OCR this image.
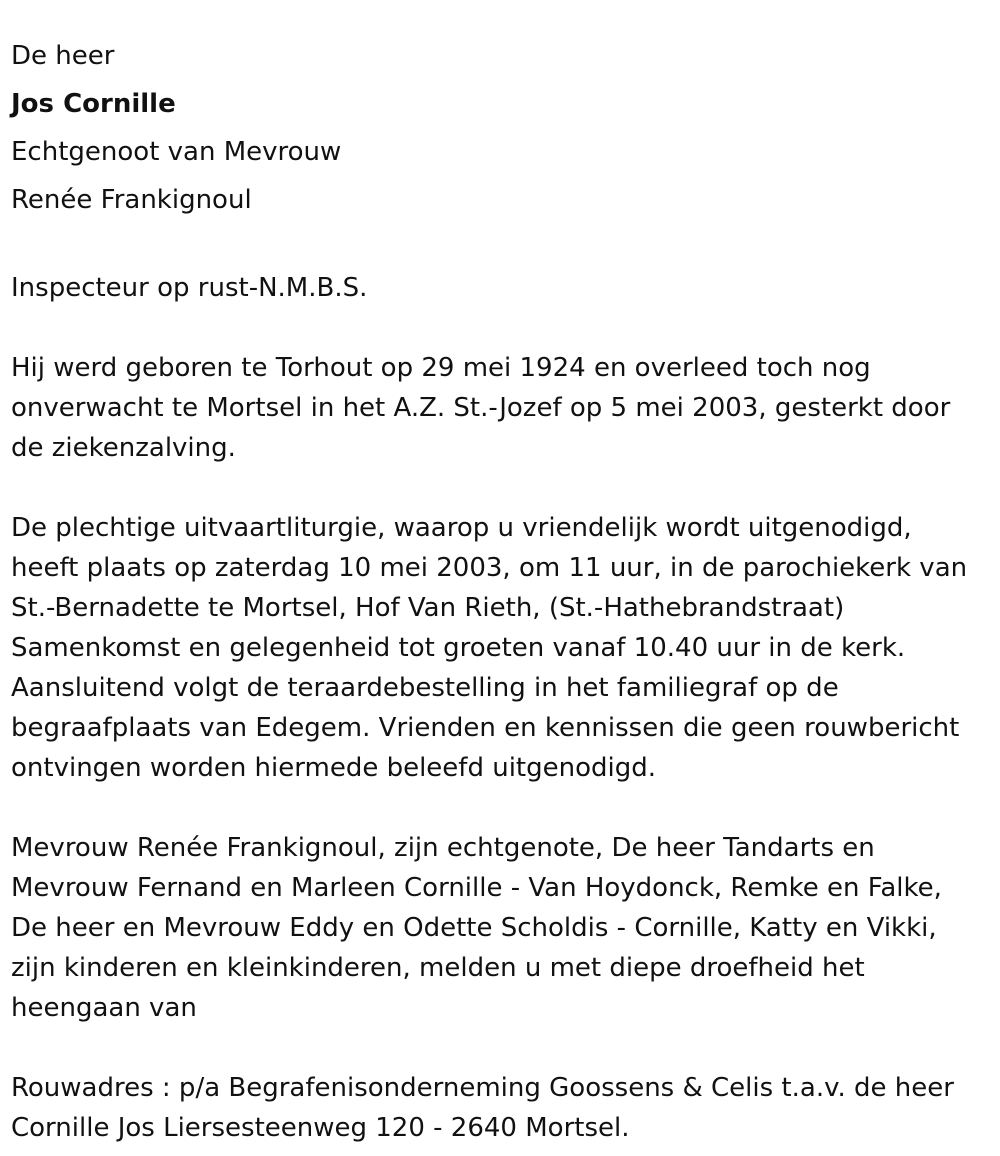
De heer
Jos Cornille
Echtgenoot van Mevrouw
Renée Frankignoul

Inspecteur op rust-N.M.B.S.

Hij werd geboren te Torhout op 29 mei 1924 en overleed toch nog
onverwacht te Mortsel in het A.Z. St.-Jozef op 5 mei 2003, gesterkt door
de ziekenzalving.

De plechtige uitvaartliturgie, waarop u vriendelijk wordt uitgenodigd,
heeft plaats op zaterdag 10 mei 2003, om 11 uur, in de parochiekerk van
St.-Bernadette te Mortsel, Hof Van Rieth, (St.-Hathebrandstraat)
Samenkomst en gelegenheid tot groeten vanaf 10.40 uur in de kerk.
Aansluitend volgt de teraardebestelling in het familiegraf op de
begraafplaats van Edegem. Vrienden en kennissen die geen rouwbericht
ontvingen worden hiermede beleefd uitgenodigd.

Mevrouw Renée Frankignoul, zijn echtgenote, De heer Tandarts en
Mevrouw Fernand en Marleen Cornille - Van Hoydonck, Remke en Falke,
De heer en Mevrouw Eddy en Odette Scholdis - Cornille, Katty en Vikki,
zijn kinderen en kleinkinderen, melden u met diepe droefheid het
heengaan van

Rouwadres : p/a Begrafenisonderneming Goossens & Celis t.a.v. de heer
Cornille Jos Liersesteenweg 120 - 2640 Mortsel.
